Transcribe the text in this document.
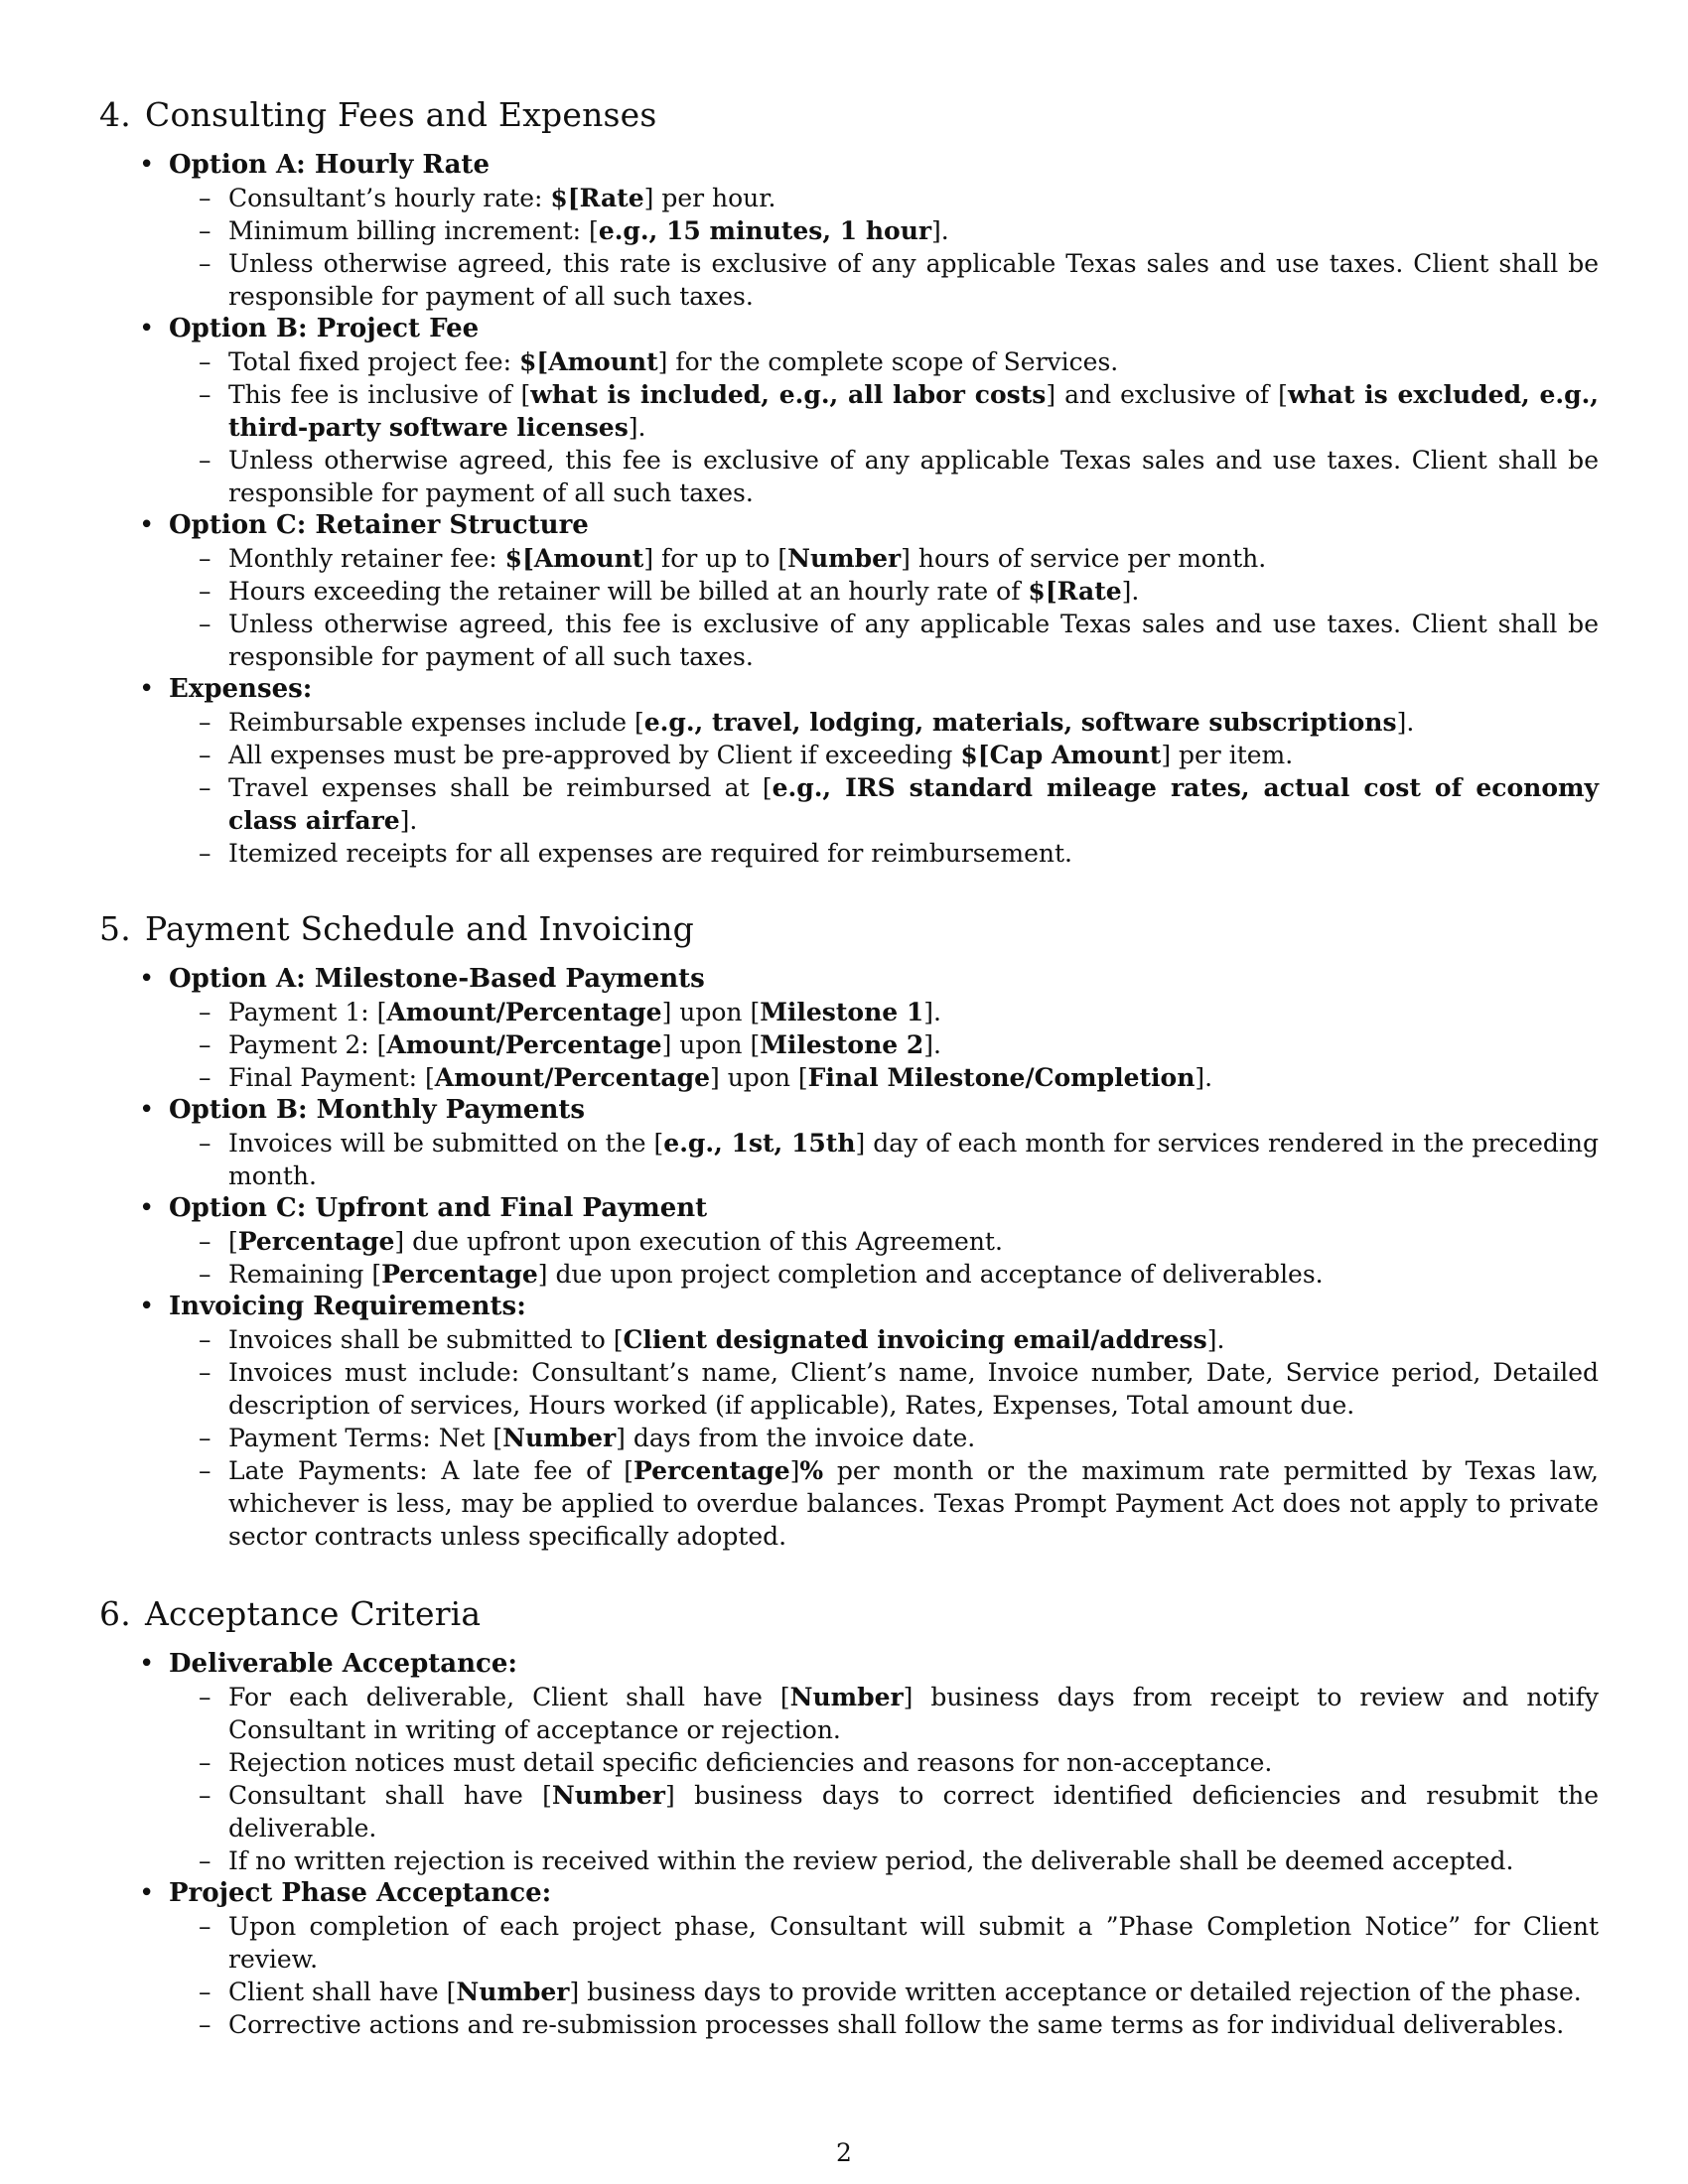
4. Consulting Fees and Expenses
• Option A: Hourly Rate
– Consultant’s hourly rate: $[Rate] per hour.
– Minimum billing increment: [e.g., 15 minutes, 1 hour].
– Unless otherwise agreed, this rate is exclusive of any applicable Texas sales and use taxes. Client shall be responsible for payment of all such taxes.
• Option B: Project Fee
– Total fixed project fee: $[Amount] for the complete scope of Services.
– This fee is inclusive of [what is included, e.g., all labor costs] and exclusive of [what is excluded, e.g., third-party software licenses].
– Unless otherwise agreed, this fee is exclusive of any applicable Texas sales and use taxes. Client shall be responsible for payment of all such taxes.
• Option C: Retainer Structure
– Monthly retainer fee: $[Amount] for up to [Number] hours of service per month.
– Hours exceeding the retainer will be billed at an hourly rate of $[Rate].
– Unless otherwise agreed, this fee is exclusive of any applicable Texas sales and use taxes. Client shall be responsible for payment of all such taxes.
• Expenses:
– Reimbursable expenses include [e.g., travel, lodging, materials, software subscriptions].
– All expenses must be pre-approved by Client if exceeding $[Cap Amount] per item.
– Travel expenses shall be reimbursed at [e.g., IRS standard mileage rates, actual cost of economy class airfare].
– Itemized receipts for all expenses are required for reimbursement.
5. Payment Schedule and Invoicing
• Option A: Milestone-Based Payments
– Payment 1: [Amount/Percentage] upon [Milestone 1].
– Payment 2: [Amount/Percentage] upon [Milestone 2].
– Final Payment: [Amount/Percentage] upon [Final Milestone/Completion].
• Option B: Monthly Payments
– Invoices will be submitted on the [e.g., 1st, 15th] day of each month for services rendered in the preceding month.
• Option C: Upfront and Final Payment
– [Percentage] due upfront upon execution of this Agreement.
– Remaining [Percentage] due upon project completion and acceptance of deliverables.
• Invoicing Requirements:
– Invoices shall be submitted to [Client designated invoicing email/address].
– Invoices must include: Consultant’s name, Client’s name, Invoice number, Date, Service period, Detailed description of services, Hours worked (if applicable), Rates, Expenses, Total amount due.
– Payment Terms: Net [Number] days from the invoice date.
– Late Payments: A late fee of [Percentage]% per month or the maximum rate permitted by Texas law, whichever is less, may be applied to overdue balances. Texas Prompt Payment Act does not apply to private sector contracts unless specifically adopted.
6. Acceptance Criteria
• Deliverable Acceptance:
– For each deliverable, Client shall have [Number] business days from receipt to review and notify Consultant in writing of acceptance or rejection.
– Rejection notices must detail specific deficiencies and reasons for non-acceptance.
– Consultant shall have [Number] business days to correct identified deficiencies and resubmit the deliverable.
– If no written rejection is received within the review period, the deliverable shall be deemed accepted.
• Project Phase Acceptance:
– Upon completion of each project phase, Consultant will submit a ”Phase Completion Notice” for Client review.
– Client shall have [Number] business days to provide written acceptance or detailed rejection of the phase.
– Corrective actions and re-submission processes shall follow the same terms as for individual deliverables.
2
